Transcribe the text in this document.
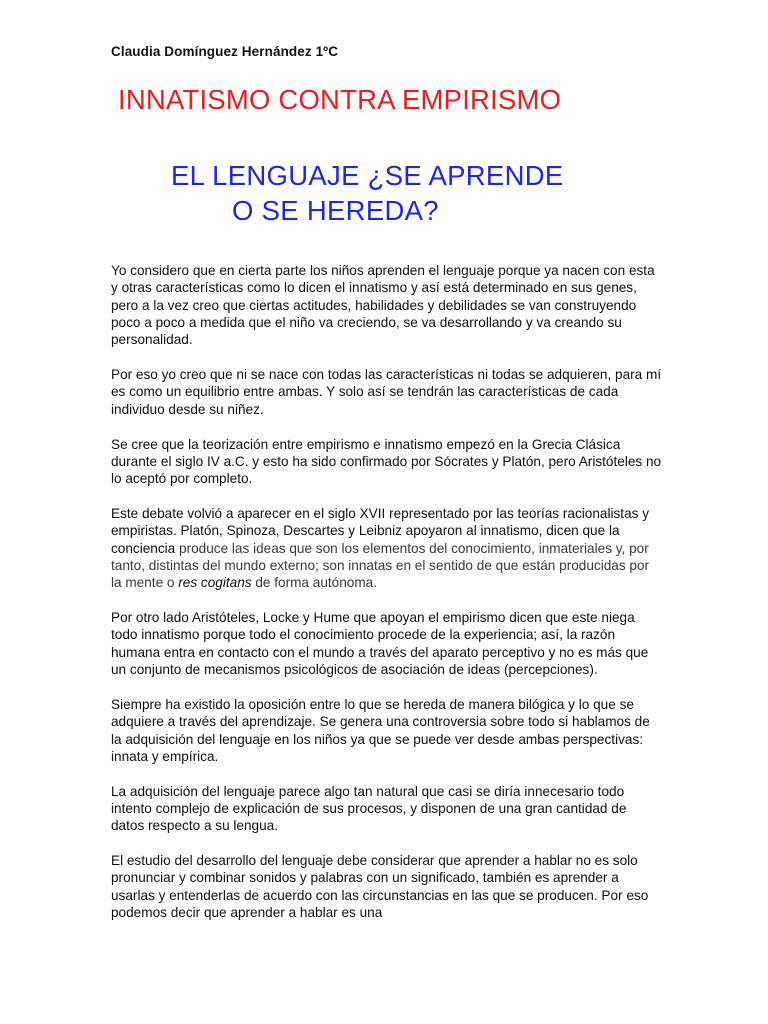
Claudia Domínguez Hernández 1ºC
INNATISMO CONTRA EMPIRISMO
EL LENGUAJE ¿SE APRENDE
O SE HEREDA?

Yo considero que en cierta parte los niños aprenden el lenguaje porque ya nacen con esta y otras características como lo dicen el innatismo y así está determinado en sus genes, pero a la vez creo que ciertas actitudes, habilidades y debilidades se van construyendo poco a poco a medida que el niño va creciendo, se va desarrollando y va creando su personalidad.

Por eso yo creo que ni se nace con todas las características ni todas se adquieren, para mí es como un equilibrio entre ambas. Y solo así se tendrán las características de cada individuo desde su niñez.

Se cree que la teorización entre empirismo e innatismo empezó en la Grecia Clásica durante el siglo IV a.C. y esto ha sido confirmado por Sócrates y Platón, pero Aristóteles no lo aceptó por completo.

Este debate volvió a aparecer en el siglo XVII representado por las teorías racionalistas y empiristas. Platón, Spinoza, Descartes y Leibniz apoyaron al innatismo, dicen que la conciencia produce las ideas que son los elementos del conocimiento, inmateriales y, por tanto, distintas del mundo externo; son innatas en el sentido de que están producidas por la mente o res cogitans de forma autónoma.

Por otro lado Aristóteles, Locke y Hume que apoyan el empirismo dicen que este niega todo innatismo porque todo el conocimiento procede de la experiencia; así, la razón humana entra en contacto con el mundo a través del aparato perceptivo y no es más que un conjunto de mecanismos psicológicos de asociación de ideas (percepciones).

Siempre ha existido la oposición entre lo que se hereda de manera bilógica y lo que se adquiere a través del aprendizaje. Se genera una controversia sobre todo si hablamos de la adquisición del lenguaje en los niños ya que se puede ver desde ambas perspectivas: innata y empírica.

La adquisición del lenguaje parece algo tan natural que casi se diría innecesario todo intento complejo de explicación de sus procesos, y disponen de una gran cantidad de datos respecto a su lengua.

El estudio del desarrollo del lenguaje debe considerar que aprender a hablar no es solo pronunciar y combinar sonidos y palabras con un significado, también es aprender a usarlas y entenderlas de acuerdo con las circunstancias en las que se producen. Por eso podemos decir que aprender a hablar es una
